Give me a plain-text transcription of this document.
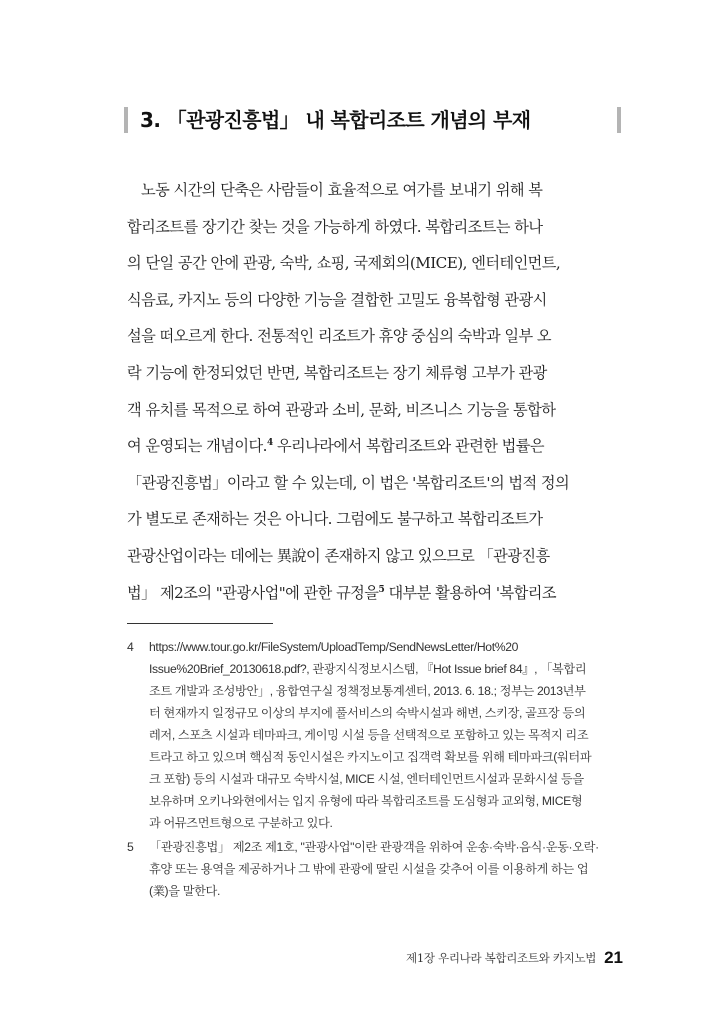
3. 「관광진흥법」 내 복합리조트 개념의 부재
노동 시간의 단축은 사람들이 효율적으로 여가를 보내기 위해 복
합리조트를 장기간 찾는 것을 가능하게 하였다. 복합리조트는 하나
의 단일 공간 안에 관광, 숙박, 쇼핑, 국제회의(MICE), 엔터테인먼트,
식음료, 카지노 등의 다양한 기능을 결합한 고밀도 융복합형 관광시
설을 떠오르게 한다. 전통적인 리조트가 휴양 중심의 숙박과 일부 오
락 기능에 한정되었던 반면, 복합리조트는 장기 체류형 고부가 관광
객 유치를 목적으로 하여 관광과 소비, 문화, 비즈니스 기능을 통합하
여 운영되는 개념이다.$^4$ 우리나라에서 복합리조트와 관련한 법률은
「관광진흥법」이라고 할 수 있는데, 이 법은 '복합리조트'의 법적 정의
가 별도로 존재하는 것은 아니다. 그럼에도 불구하고 복합리조트가
관광산업이라는 데에는 異說이 존재하지 않고 있으므로 「관광진흥
법」 제2조의 "관광사업"에 관한 규정을$^5$ 대부분 활용하여 '복합리조
4 https://www.tour.go.kr/FileSystem/UploadTemp/SendNewsLetter/Hot%20
Issue%20Brief_20130618.pdf?, 관광지식정보시스템, 『Hot Issue brief 84』, 「복합리
조트 개발과 조성방안」, 융합연구실 정책정보통계센터, 2013. 6. 18.; 정부는 2013년부
터 현재까지 일정규모 이상의 부지에 풀서비스의 숙박시설과 해변, 스키장, 골프장 등의
레저, 스포츠 시설과 테마파크, 게이밍 시설 등을 선택적으로 포함하고 있는 목적지 리조
트라고 하고 있으며 핵심적 동인시설은 카지노이고 집객력 확보를 위해 테마파크(워터파
크 포함) 등의 시설과 대규모 숙박시설, MICE 시설, 엔터테인먼트시설과 문화시설 등을
보유하며 오키나와현에서는 입지 유형에 따라 복합리조트를 도심형과 교외형, MICE형
과 어뮤즈먼트형으로 구분하고 있다.
5 「관광진흥법」 제2조 제1호, "관광사업"이란 관광객을 위하여 운송·숙박·음식·운동·오락·
휴양 또는 용역을 제공하거나 그 밖에 관광에 딸린 시설을 갖추어 이를 이용하게 하는 업
(業)을 말한다.
제1장 우리나라 복합리조트와 카지노법 21
